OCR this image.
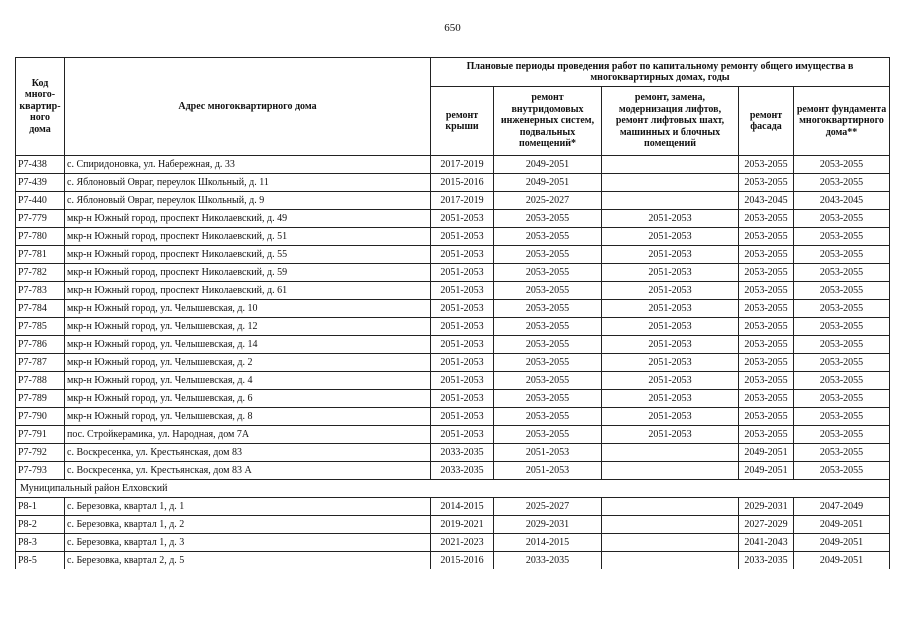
650
Код много-квартир-ного дома	Адрес многоквартирного дома	Плановые периоды проведения работ по капитальному ремонту общего имущества в многоквартирных домах, годы				
		ремонт крыши	ремонт внутридомовых инженерных систем, подвальных помещений*	ремонт, замена, модернизация лифтов, ремонт лифтовых шахт, машинных и блочных помещений	ремонт фасада	ремонт фундамента многоквартирного дома**
Р7-438	с. Спиридоновка, ул. Набережная, д. 33	2017-2019	2049-2051		2053-2055	2053-2055
Р7-439	с. Яблоновый Овраг, переулок Школьный, д. 11	2015-2016	2049-2051		2053-2055	2053-2055
Р7-440	с. Яблоновый Овраг, переулок Школьный, д. 9	2017-2019	2025-2027		2043-2045	2043-2045
Р7-779	мкр-н Южный город, проспект Николаевский, д. 49	2051-2053	2053-2055	2051-2053	2053-2055	2053-2055
Р7-780	мкр-н Южный город, проспект Николаевский, д. 51	2051-2053	2053-2055	2051-2053	2053-2055	2053-2055
Р7-781	мкр-н Южный город, проспект Николаевский, д. 55	2051-2053	2053-2055	2051-2053	2053-2055	2053-2055
Р7-782	мкр-н Южный город, проспект Николаевский, д. 59	2051-2053	2053-2055	2051-2053	2053-2055	2053-2055
Р7-783	мкр-н Южный город, проспект Николаевский, д. 61	2051-2053	2053-2055	2051-2053	2053-2055	2053-2055
Р7-784	мкр-н Южный город, ул. Челышевская, д. 10	2051-2053	2053-2055	2051-2053	2053-2055	2053-2055
Р7-785	мкр-н Южный город, ул. Челышевская, д. 12	2051-2053	2053-2055	2051-2053	2053-2055	2053-2055
Р7-786	мкр-н Южный город, ул. Челышевская, д. 14	2051-2053	2053-2055	2051-2053	2053-2055	2053-2055
Р7-787	мкр-н Южный город, ул. Челышевская, д. 2	2051-2053	2053-2055	2051-2053	2053-2055	2053-2055
Р7-788	мкр-н Южный город, ул. Челышевская, д. 4	2051-2053	2053-2055	2051-2053	2053-2055	2053-2055
Р7-789	мкр-н Южный город, ул. Челышевская, д. 6	2051-2053	2053-2055	2051-2053	2053-2055	2053-2055
Р7-790	мкр-н Южный город, ул. Челышевская, д. 8	2051-2053	2053-2055	2051-2053	2053-2055	2053-2055
Р7-791	пос. Стройкерамика, ул. Народная, дом 7А	2051-2053	2053-2055	2051-2053	2053-2055	2053-2055
Р7-792	с. Воскресенка, ул. Крестьянская, дом 83	2033-2035	2051-2053		2049-2051	2053-2055
Р7-793	с. Воскресенка, ул. Крестьянская, дом 83 А	2033-2035	2051-2053		2049-2051	2053-2055
Муниципальный район Елховский						
Р8-1	с. Березовка, квартал 1, д. 1	2014-2015	2025-2027		2029-2031	2047-2049
Р8-2	с. Березовка, квартал 1, д. 2	2019-2021	2029-2031		2027-2029	2049-2051
Р8-3	с. Березовка, квартал 1, д. 3	2021-2023	2014-2015		2041-2043	2049-2051
Р8-5	с. Березовка, квартал 2, д. 5	2015-2016	2033-2035		2033-2035	2049-2051
